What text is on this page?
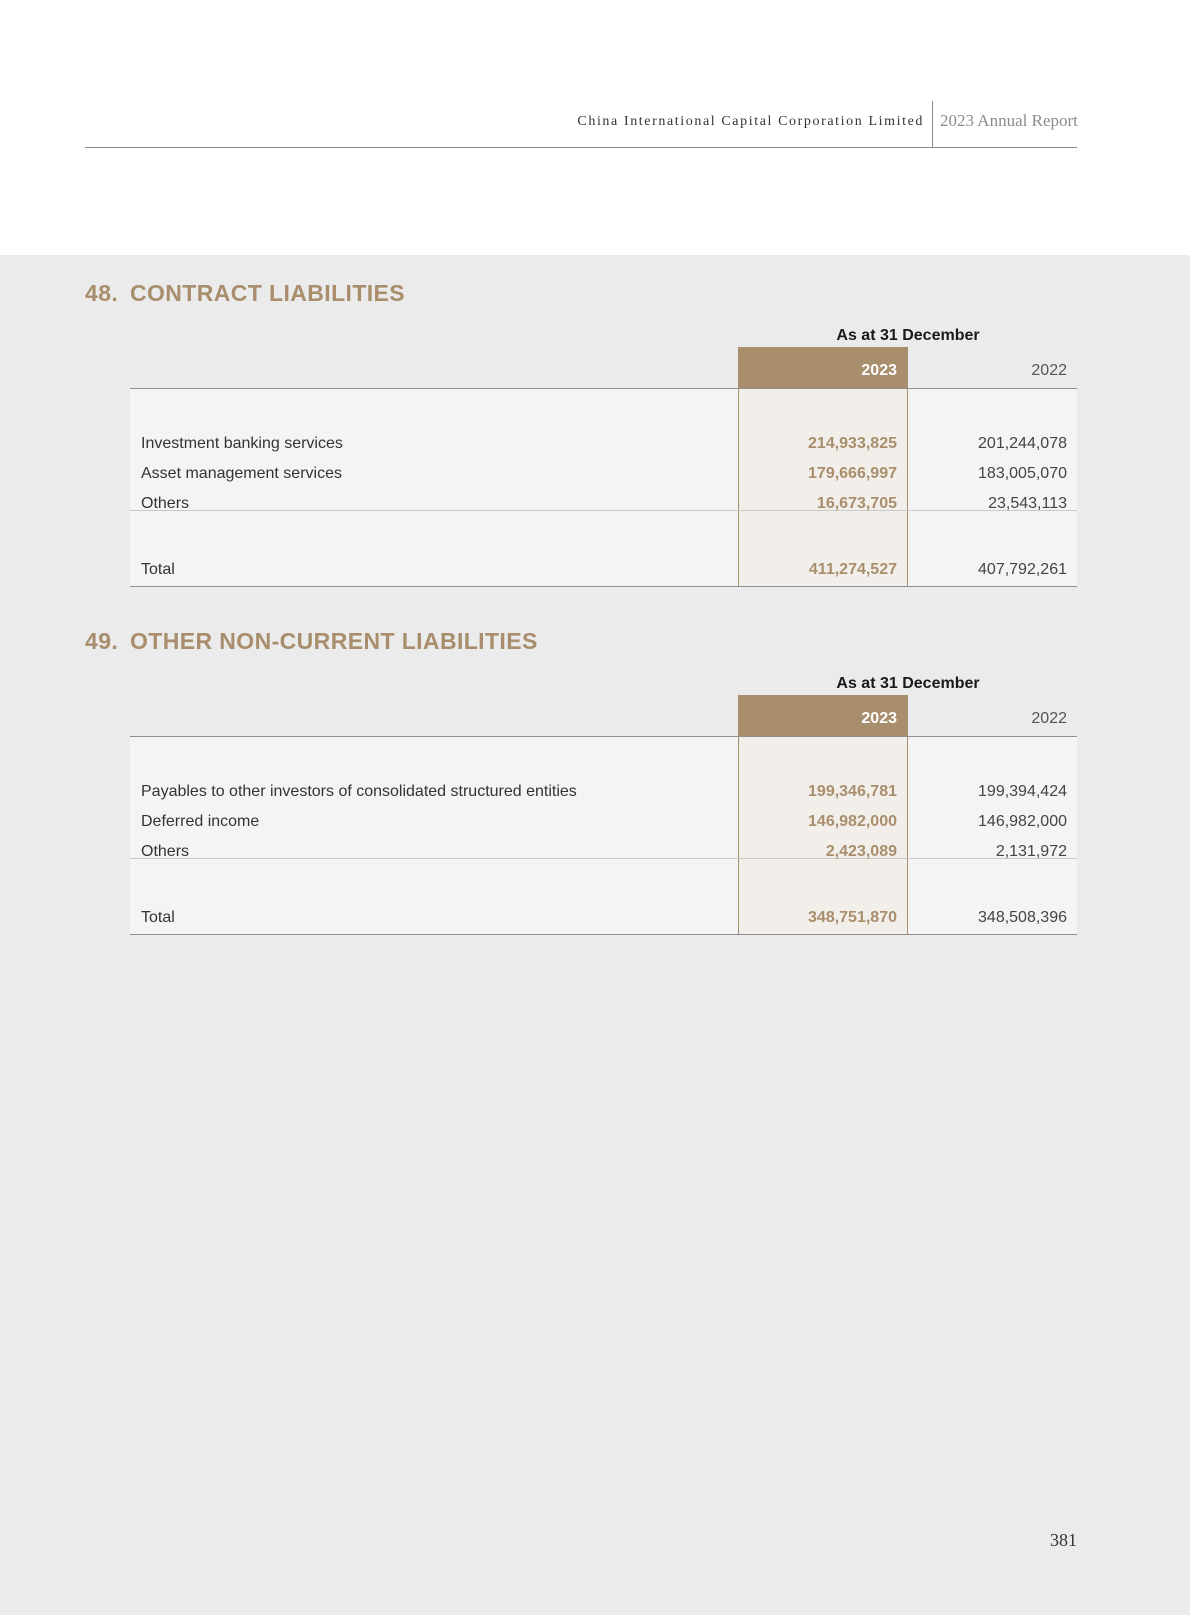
China International Capital Corporation Limited 2023 Annual Report
48. CONTRACT LIABILITIES
As at 31 December
2023	2022
Investment banking services	214,933,825	201,244,078
Asset management services	179,666,997	183,005,070
Others	16,673,705	23,543,113
Total	411,274,527	407,792,261
49. OTHER NON-CURRENT LIABILITIES
As at 31 December
2023	2022
Payables to other investors of consolidated structured entities	199,346,781	199,394,424
Deferred income	146,982,000	146,982,000
Others	2,423,089	2,131,972
Total	348,751,870	348,508,396
381
